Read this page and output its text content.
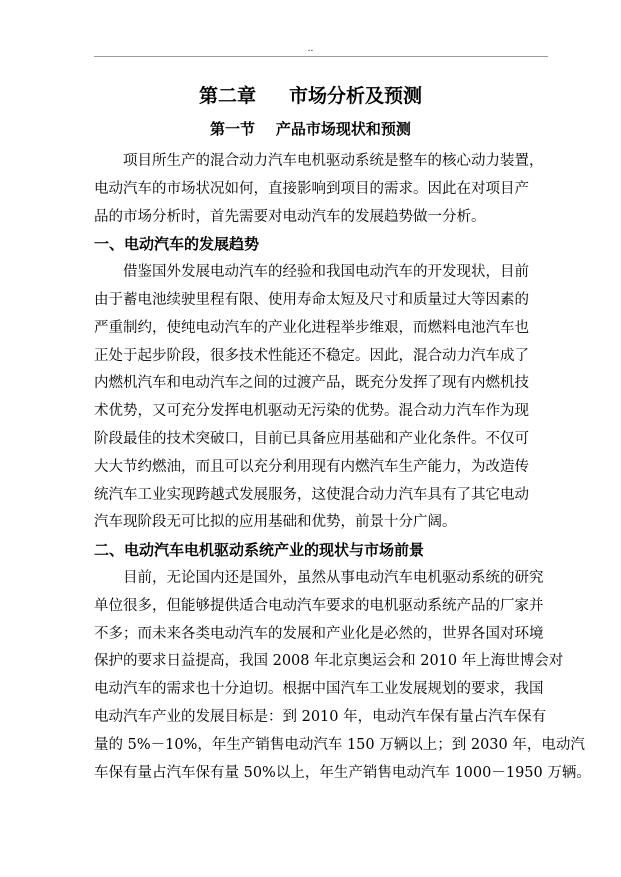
..
第二章     市场分析及预测
第一节    产品市场现状和预测
项目所生产的混合动力汽车电机驱动系统是整车的核心动力装置，
电动汽车的市场状况如何，直接影响到项目的需求。因此在对项目产
品的市场分析时，首先需要对电动汽车的发展趋势做一分析。
一、电动汽车的发展趋势
借鉴国外发展电动汽车的经验和我国电动汽车的开发现状，目前
由于蓄电池续驶里程有限、使用寿命太短及尺寸和质量过大等因素的
严重制约，使纯电动汽车的产业化进程举步维艰，而燃料电池汽车也
正处于起步阶段，很多技术性能还不稳定。因此，混合动力汽车成了
内燃机汽车和电动汽车之间的过渡产品，既充分发挥了现有内燃机技
术优势，又可充分发挥电机驱动无污染的优势。混合动力汽车作为现
阶段最佳的技术突破口，目前已具备应用基础和产业化条件。不仅可
大大节约燃油，而且可以充分利用现有内燃汽车生产能力，为改造传
统汽车工业实现跨越式发展服务，这使混合动力汽车具有了其它电动
汽车现阶段无可比拟的应用基础和优势，前景十分广阔。
二、电动汽车电机驱动系统产业的现状与市场前景
目前，无论国内还是国外，虽然从事电动汽车电机驱动系统的研究
单位很多，但能够提供适合电动汽车要求的电机驱动系统产品的厂家并
不多；而未来各类电动汽车的发展和产业化是必然的，世界各国对环境
保护的要求日益提高，我国 2008 年北京奥运会和 2010 年上海世博会对
电动汽车的需求也十分迫切。根据中国汽车工业发展规划的要求，我国
电动汽车产业的发展目标是：到 2010 年，电动汽车保有量占汽车保有
量的 5%－10%，年生产销售电动汽车 150 万辆以上；到 2030 年，电动汽
车保有量占汽车保有量 50%以上，年生产销售电动汽车 1000－1950 万辆。
